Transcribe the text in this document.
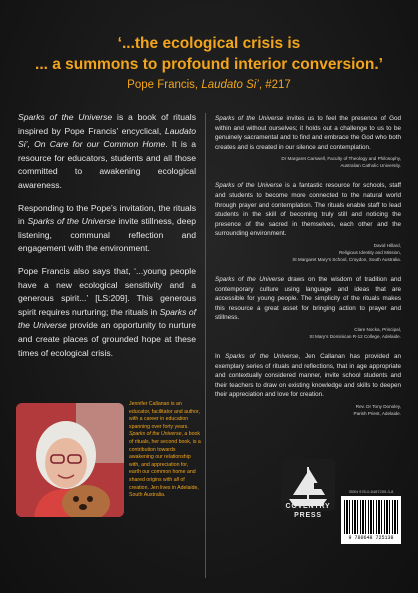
‘...the ecological crisis is
... a summons to profound interior conversion.’
Pope Francis, Laudato Si’, #217

Sparks of the Universe is a book of rituals inspired by Pope Francis’ encyclical, Laudato Si’, On Care for our Common Home. It is a resource for educators, students and all those committed to awakening ecological awareness.

Responding to the Pope’s invitation, the rituals in Sparks of the Universe invite stillness, deep listening, communal reflection and engagement with the environment.

Pope Francis also says that, ‘...young people have a new ecological sensitivity and a generous spirit...’ [LS:209]. This generous spirit requires nurturing; the rituals in Sparks of the Universe provide an opportunity to nurture and create places of grounded hope at these times of ecological crisis.

Sparks of the Universe invites us to feel the presence of God within and without ourselves; it holds out a challenge to us to be genuinely sacramental and to find and embrace the God who both creates and is created in our silence and contemplation.

Dr Margaret Carswell, Faculty of Theology and Philosophy,
Australian Catholic University.

Sparks of the Universe is a fantastic resource for schools, staff and students to become more connected to the natural world through prayer and contemplation. The rituals enable staff to lead students in the skill of becoming truly still and noticing the presence of the sacred in themselves, each other and the surrounding environment.

David Hillard,
Religious Identity and Mission,
St Margaret Mary’s School, Croydon, South Australia.

Sparks of the Universe draws on the wisdom of tradition and contemporary culture using language and ideas that are accessible for young people. The simplicity of the rituals makes this resource a great asset for bringing action to prayer and stillness.

Clare Nocka, Principal,
St Mary’s Dominican R-12 College, Adelaide.

In Sparks of the Universe, Jen Callanan has provided an exemplary series of rituals and reflections, that in age appropriate and contextually considered manner, invite school students and their teachers to draw on existing knowledge and skills to deepen their appreciation and love for creation.

Rev. Dr Tony Donoley,
Parish Priest, Adelaide.
Jennifer Callanan is an educator, facilitator and author, with a career in education spanning over forty years. Sparks of the Universe, a book of rituals, her second book, is a contribution towards awakening our relationship with, and appreciation for, earth our common home and shared origins with all of creation. Jen lives in Adelaide, South Australia.
COVENTRY
PRESS
ISBN 978-0-6487255-3-8
9 780648 725138
